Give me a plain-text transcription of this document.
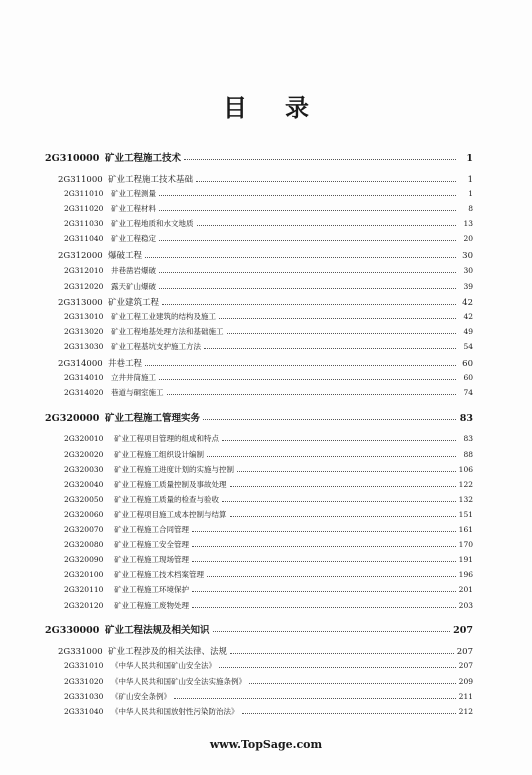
目 录
2G310000 矿业工程施工技术	1
2G311000 矿业工程施工技术基础	1
2G311010	矿业工程测量	1
2G311020	矿业工程材料	8
2G311030	矿业工程地质和水文地质	13
2G311040	矿业工程稳定	20
2G312000 爆破工程	30
2G312010	井巷凿岩爆破	30
2G312020	露天矿山爆破	39
2G313000 矿业建筑工程	42
2G313010	矿业工程工业建筑的结构及施工	42
2G313020	矿业工程地基处理方法和基础施工	49
2G313030	矿业工程基坑支护施工方法	54
2G314000 井巷工程	60
2G314010	立井井筒施工	60
2G314020	巷道与硐室施工	74
2G320000 矿业工程施工管理实务	83
2G320010	矿业工程项目管理的组成和特点	83
2G320020	矿业工程施工组织设计编制	88
2G320030	矿业工程施工进度计划的实施与控制	106
2G320040	矿业工程施工质量控制及事故处理	122
2G320050	矿业工程施工质量的检查与验收	132
2G320060	矿业工程项目施工成本控制与结算	151
2G320070	矿业工程施工合同管理	161
2G320080	矿业工程施工安全管理	170
2G320090	矿业工程施工现场管理	191
2G320100	矿业工程施工技术档案管理	196
2G320110	矿业工程施工环境保护	201
2G320120	矿业工程施工废物处理	203
2G330000 矿业工程法规及相关知识	207
2G331000 矿业工程涉及的相关法律、法规	207
2G331010	《中华人民共和国矿山安全法》	207
2G331020	《中华人民共和国矿山安全法实施条例》	209
2G331030	《矿山安全条例》	211
2G331040	《中华人民共和国放射性污染防治法》	212
www.TopSage.com
